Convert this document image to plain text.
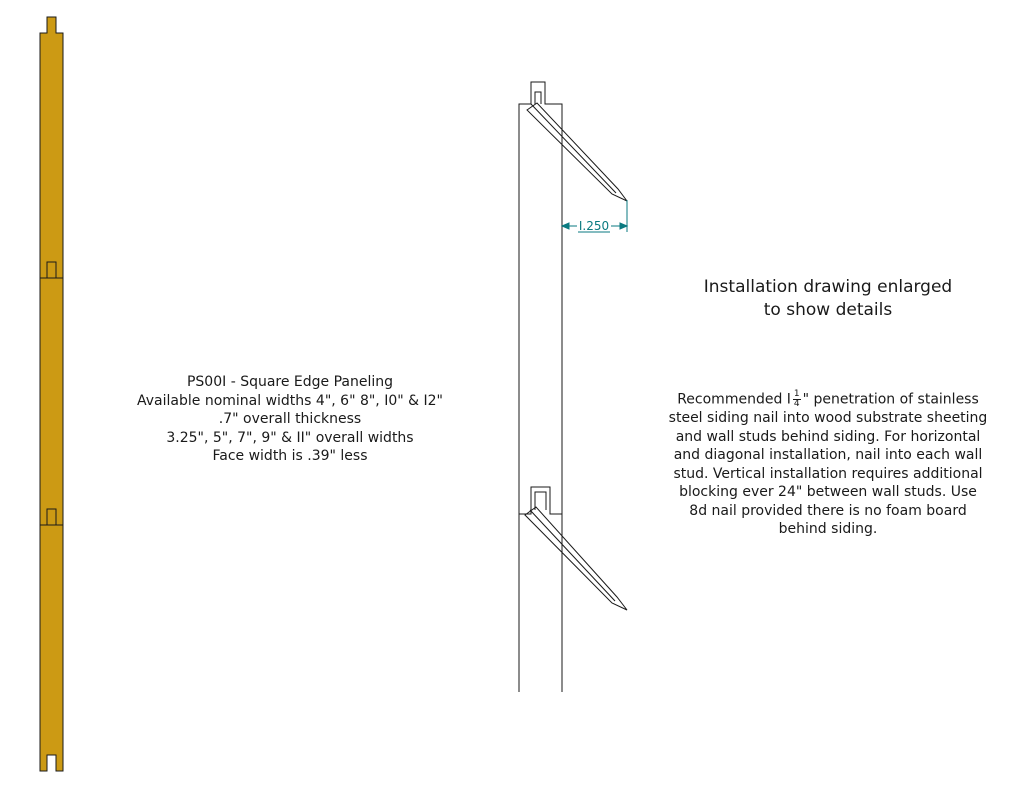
I.250
PS00I - Square Edge Paneling
Available nominal widths 4", 6" 8", I0" & I2"
.7" overall thickness
3.25", 5", 7", 9" & II" overall widths
Face width is .39" less
Installation drawing enlarged
to show details
Recommended I $\frac{1}{4}$ " penetration of stainless
steel siding nail into wood substrate sheeting
and wall studs behind siding. For horizontal
and diagonal installation, nail into each wall
stud. Vertical installation requires additional
blocking ever 24" between wall studs. Use
8d nail provided there is no foam board
behind siding.
